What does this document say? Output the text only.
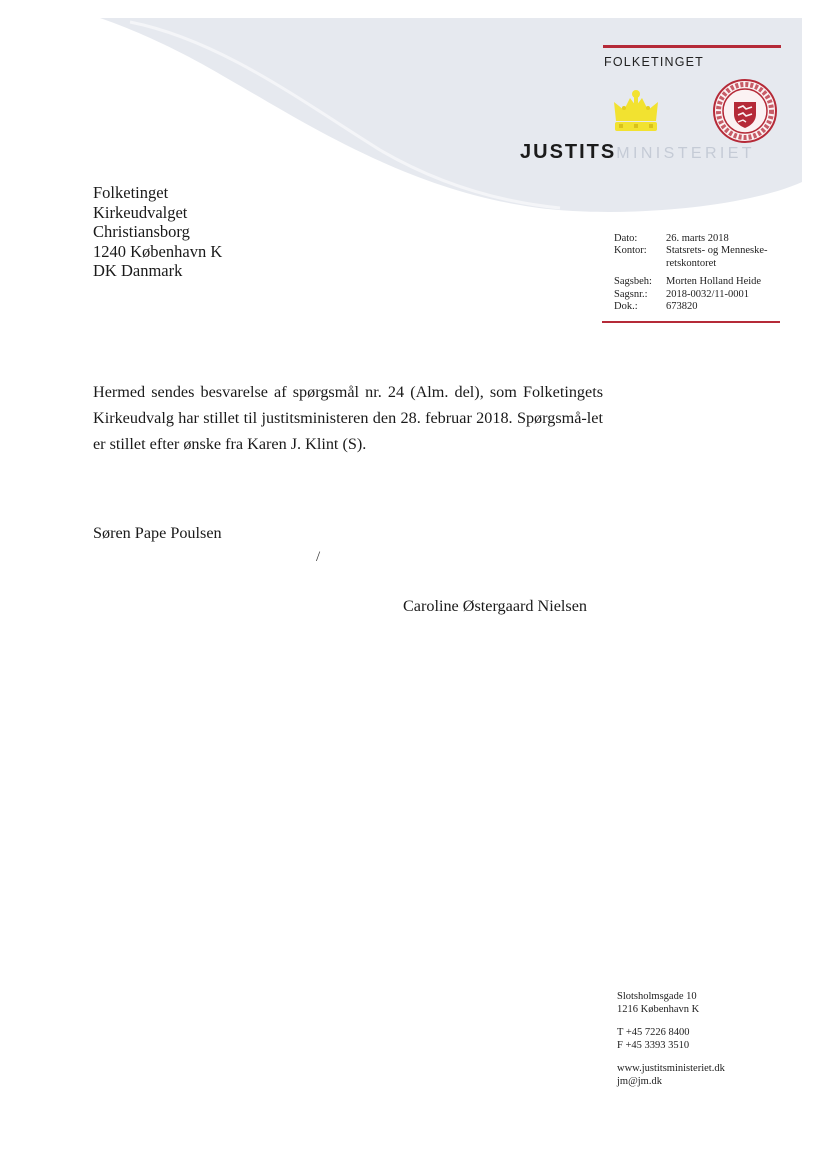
FOLKETINGET
JUSTITSMINISTERIET
Folketinget
Kirkeudvalget
Christiansborg
1240 København K
DK Danmark
Dato:	26. marts 2018
Kontor:	Statsrets- og Menneske-
retskontoret
Sagsbeh:	Morten Holland Heide
Sagsnr.:	2018-0032/11-0001
Dok.:	673820
Hermed sendes besvarelse af spørgsmål nr. 24 (Alm. del), som Folketingets Kirkeudvalg har stillet til justitsministeren den 28. februar 2018. Spørgsmå-let er stillet efter ønske fra Karen J. Klint (S).
Søren Pape Poulsen
/
Caroline Østergaard Nielsen
Slotsholmsgade 10
1216 København K
T +45 7226 8400
F +45 3393 3510
www.justitsministeriet.dk
jm@jm.dk
